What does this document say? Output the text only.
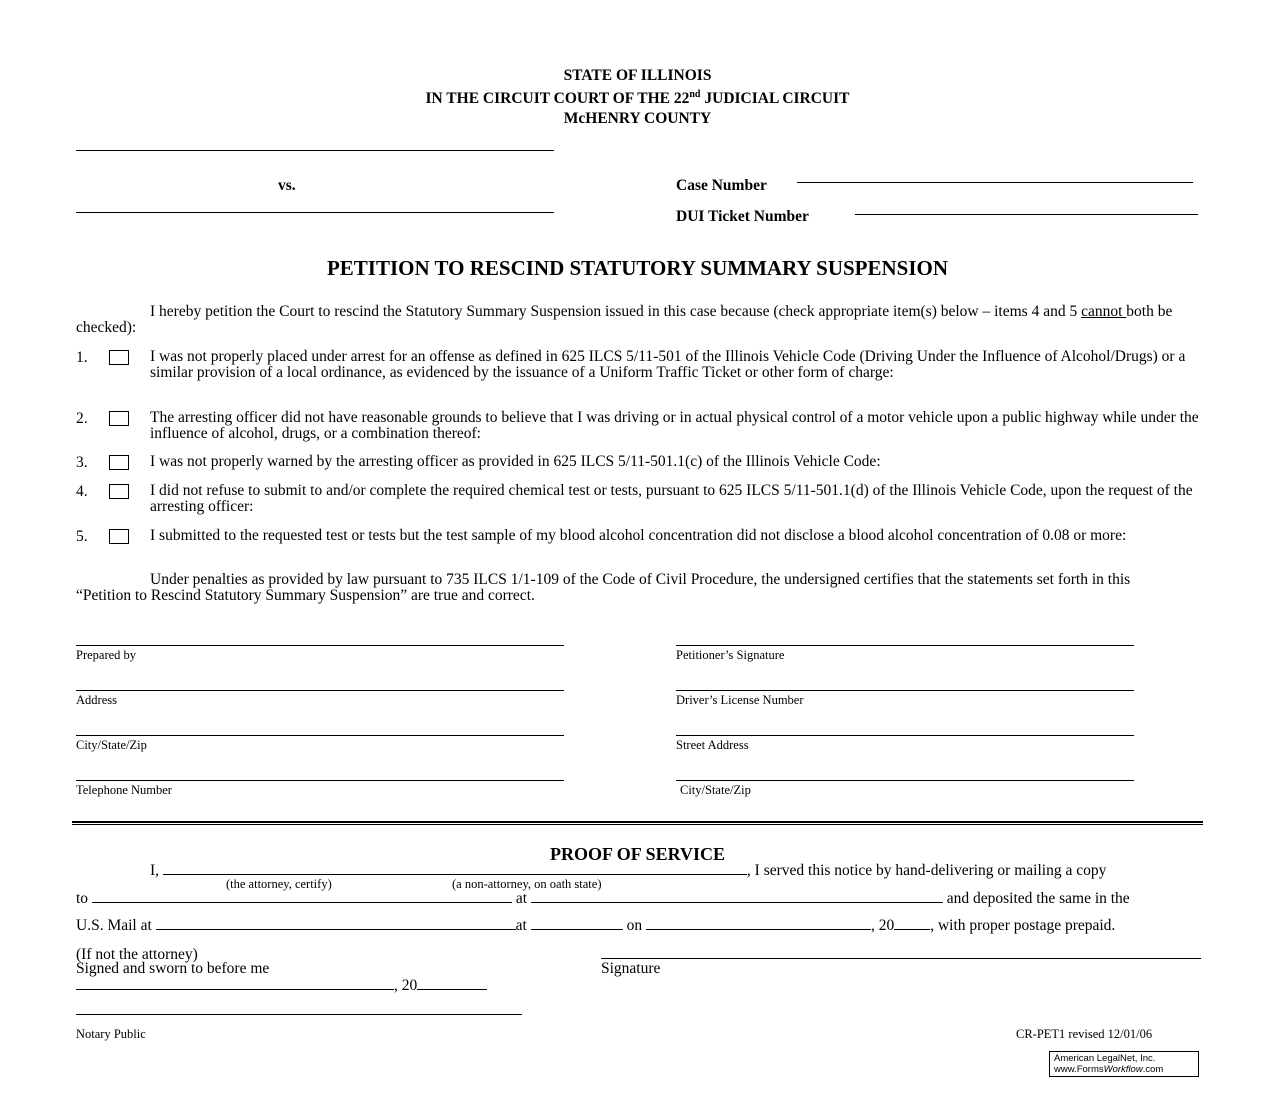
STATE OF ILLINOIS
IN THE CIRCUIT COURT OF THE 22nd JUDICIAL CIRCUIT
McHENRY COUNTY
vs.	Case Number
DUI Ticket Number
PETITION TO RESCIND STATUTORY SUMMARY SUSPENSION
I hereby petition the Court to rescind the Statutory Summary Suspension issued in this case because (check appropriate item(s) below – items 4 and 5 cannot both be checked):
1.	I was not properly placed under arrest for an offense as defined in 625 ILCS 5/11-501 of the Illinois Vehicle Code (Driving Under the Influence of Alcohol/Drugs) or a similar provision of a local ordinance, as evidenced by the issuance of a Uniform Traffic Ticket or other form of charge:
2.	The arresting officer did not have reasonable grounds to believe that I was driving or in actual physical control of a motor vehicle upon a public highway while under the influence of alcohol, drugs, or a combination thereof:
3.	I was not properly warned by the arresting officer as provided in 625 ILCS 5/11-501.1(c) of the Illinois Vehicle Code:
4.	I did not refuse to submit to and/or complete the required chemical test or tests, pursuant to 625 ILCS 5/11-501.1(d) of the Illinois Vehicle Code, upon the request of the arresting officer:
5.	I submitted to the requested test or tests but the test sample of my blood alcohol concentration did not disclose a blood alcohol concentration of 0.08 or more:
Under penalties as provided by law pursuant to 735 ILCS 1/1-109 of the Code of Civil Procedure, the undersigned certifies that the statements set forth in this “Petition to Rescind Statutory Summary Suspension” are true and correct.
Prepared by
Address
City/State/Zip
Telephone Number
Petitioner’s Signature
Driver’s License Number
Street Address
City/State/Zip
PROOF OF SERVICE
I,	, I served this notice by hand-delivering or mailing a copy
(the attorney, certify)	(a non-attorney, on oath state)
to	at	and deposited the same in the
U.S. Mail at	at	on	, 20 , with proper postage prepaid.
(If not the attorney)
Signed and sworn to before me	Signature
, 20
Notary Public	CR-PET1 revised 12/01/06
American LegalNet, Inc.
www.FormsWorkflow.com
